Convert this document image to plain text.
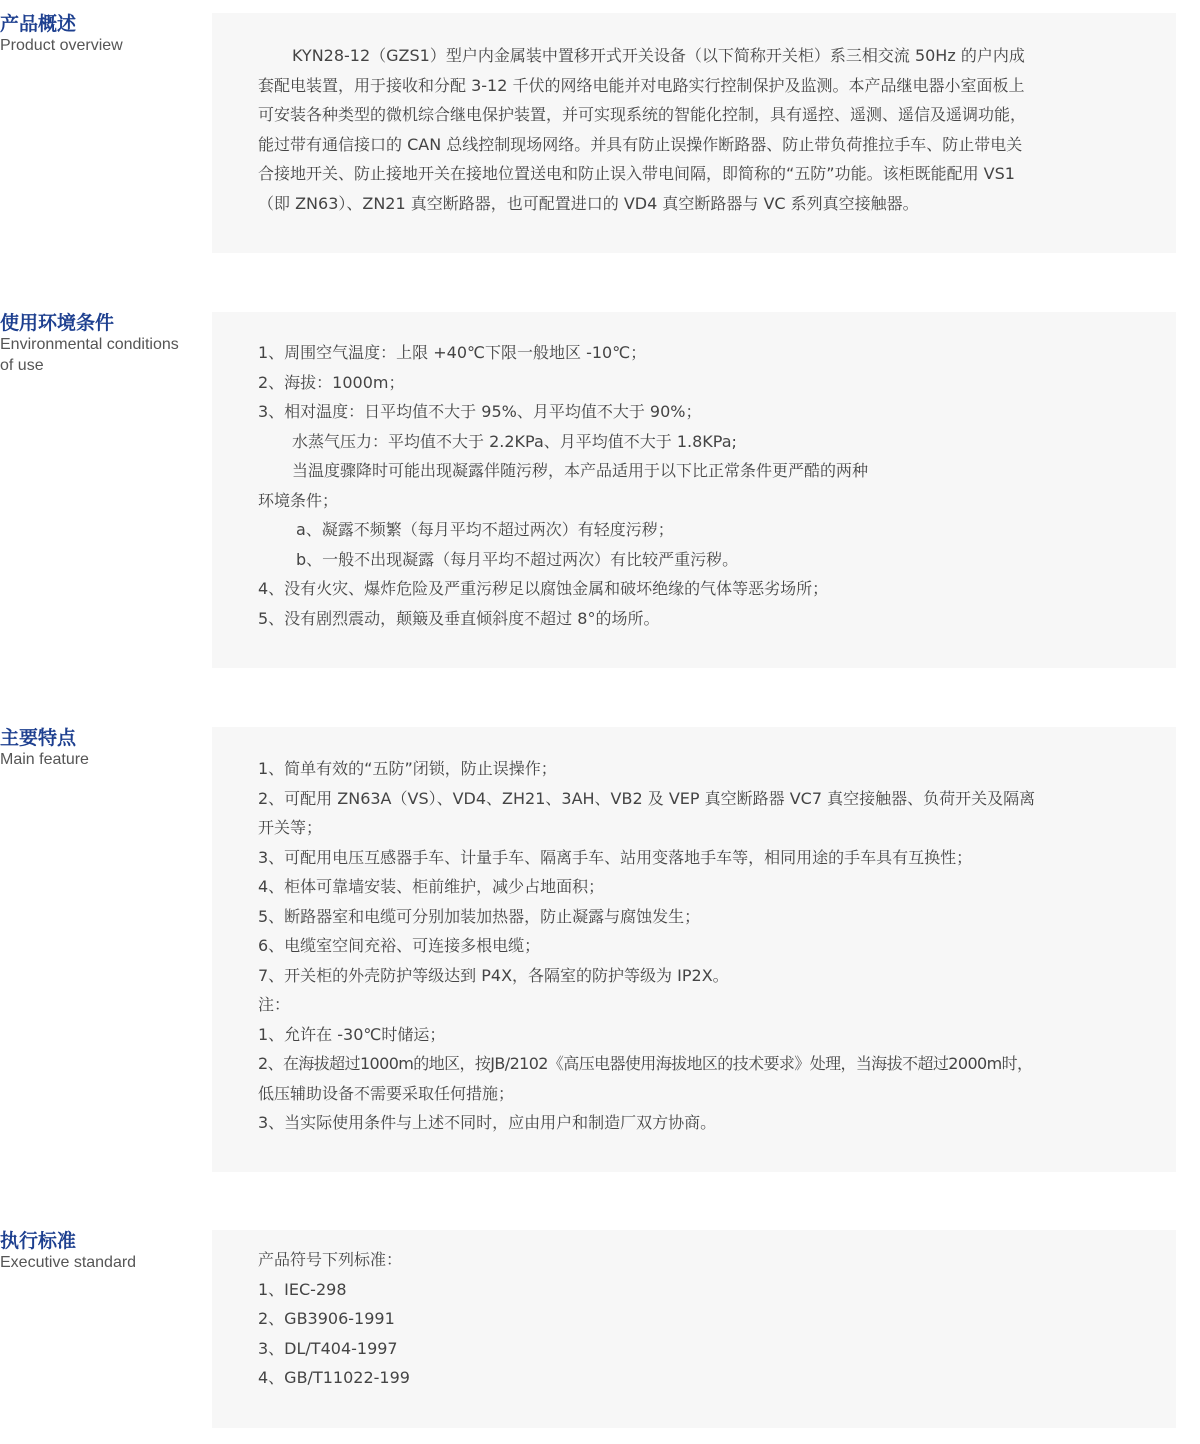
产品概述

Product overview

KYN28-12（GZS1）型户内金属装中置移开式开关设备（以下简称开关柜）系三相交流 50Hz 的户内成

套配电装置，用于接收和分配 3-12 千伏的网络电能并对电路实行控制保护及监测。本产品继电器小室面板上

可安装各种类型的微机综合继电保护装置，并可实现系统的智能化控制，具有遥控、遥测、遥信及遥调功能，

能过带有通信接口的 CAN 总线控制现场网络。并具有防止误操作断路器、防止带负荷推拉手车、防止带电关

合接地开关、防止接地开关在接地位置送电和防止误入带电间隔，即简称的“五防”功能。该柜既能配用 VS1

（即 ZN63）、ZN21 真空断路器，也可配置进口的 VD4 真空断路器与 VC 系列真空接触器。

使用环境条件

Environmental conditions

of use

1、周围空气温度：上限 +40℃下限一般地区 -10℃；

2、海拔：1000m；

3、相对温度：日平均值不大于 95%、月平均值不大于 90%；

水蒸气压力：平均值不大于 2.2KPa、月平均值不大于 1.8KPa;

当温度骤降时可能出现凝露伴随污秽，本产品适用于以下比正常条件更严酷的两种

环境条件；

a、凝露不频繁（每月平均不超过两次）有轻度污秽；

b、一般不出现凝露（每月平均不超过两次）有比较严重污秽。

4、没有火灾、爆炸危险及严重污秽足以腐蚀金属和破坏绝缘的气体等恶劣场所；

5、没有剧烈震动，颠簸及垂直倾斜度不超过 8°的场所。

主要特点

Main feature	1、简单有效的“五防”闭锁，防止误操作；

2、可配用 ZN63A（VS）、VD4、ZH21、3AH、VB2 及 VEP 真空断路器 VC7 真空接触器、负荷开关及隔离

开关等；

3、可配用电压互感器手车、计量手车、隔离手车、站用变落地手车等，相同用途的手车具有互换性；

4、柜体可靠墙安装、柜前维护，减少占地面积；

5、断路器室和电缆可分别加装加热器，防止凝露与腐蚀发生；

6、电缆室空间充裕、可连接多根电缆；

7、开关柜的外壳防护等级达到 P4X，各隔室的防护等级为 IP2X。

注：

1、允许在 -30℃时储运；

2、在海拔超过1000m的地区，按JB/2102《高压电器使用海拔地区的技术要求》处理，当海拔不超过2000m时，

低压辅助设备不需要采取任何措施；

3、当实际使用条件与上述不同时，应由用户和制造厂双方协商。

执行标准

Executive standard	产品符号下列标准：

1、IEC-298

2、GB3906-1991

3、DL/T404-1997

4、GB/T11022-199
